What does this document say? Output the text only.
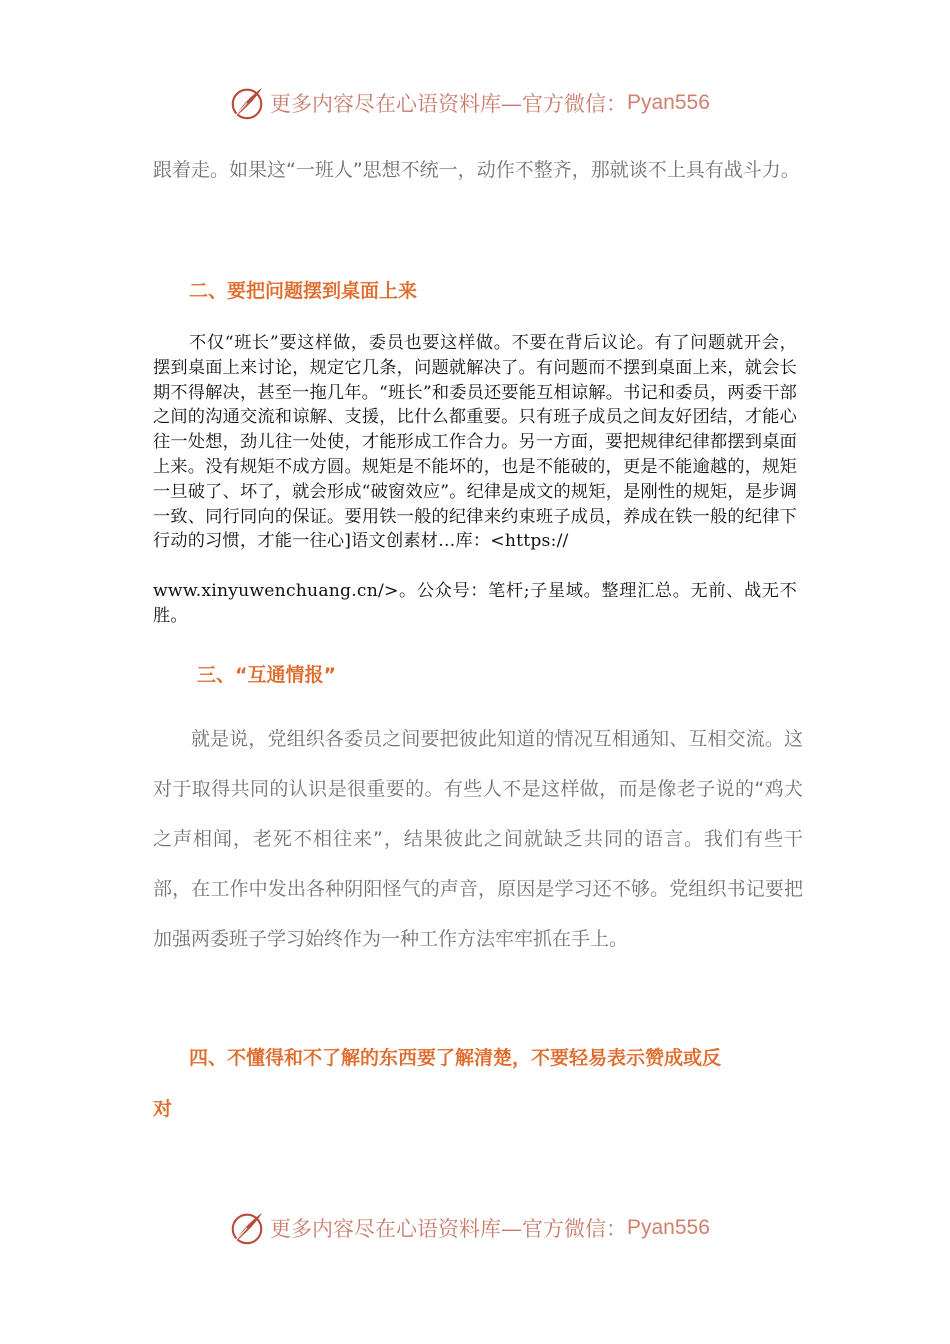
更多内容尽在心语资料库—官方微信： Pyan556

跟着走。如果这“一班人”思想不统一，动作不整齐，那就谈不上具有战斗力。

二、要把问题摆到桌面上来
不仅“班长”要这样做，委员也要这样做。不要在背后议论。有了问题就开会，摆到桌面上来讨论，规定它几条，问题就解决了。有问题而不摆到桌面上来，就会长期不得解决，甚至一拖几年。“班长”和委员还要能互相谅解。书记和委员，两委干部之间的沟通交流和谅解、支援，比什么都重要。只有班子成员之间友好团结，才能心往一处想，劲儿往一处使，才能形成工作合力。另一方面，要把规律纪律都摆到桌面上来。没有规矩不成方圆。规矩是不能坏的，也是不能破的，更是不能逾越的，规矩一旦破了、坏了，就会形成“破窗效应”。纪律是成文的规矩，是刚性的规矩，是步调一致、同行同向的保证。要用铁一般的纪律来约束班子成员，养成在铁一般的纪律下行动的习惯，才能一往心]语文创素材…库：<https://
www.xinyuwenchuang.cn/>。公众号：笔杆;子星域。整理汇总。无前、战无不胜。
三、“互通情报”

就是说，党组织各委员之间要把彼此知道的情况互相通知、互相交流。这对于取得共同的认识是很重要的。有些人不是这样做，而是像老子说的“鸡犬之声相闻，老死不相往来”，结果彼此之间就缺乏共同的语言。我们有些干部，在工作中发出各种阴阳怪气的声音，原因是学习还不够。党组织书记要把加强两委班子学习始终作为一种工作方法牢牢抓在手上。

四、不懂得和不了解的东西要了解清楚，不要轻易表示赞成或反
对
更多内容尽在心语资料库—官方微信： Pyan556
